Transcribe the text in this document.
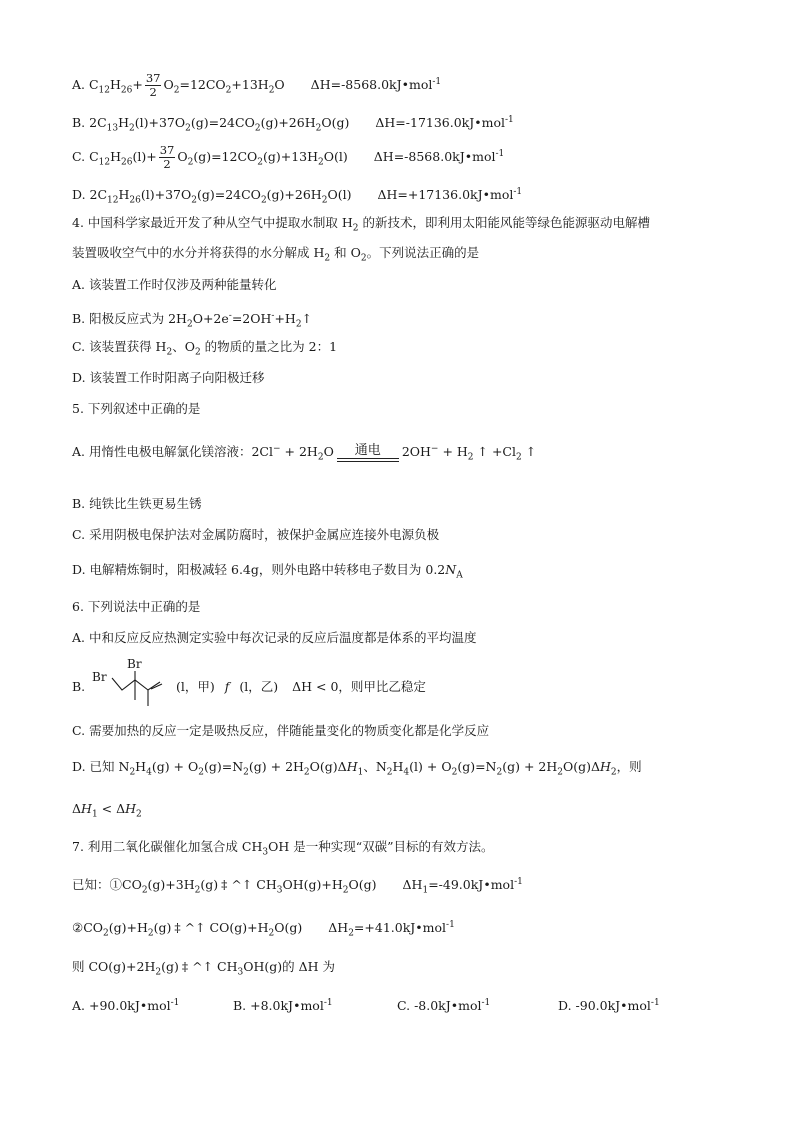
A. $C_{12}H_{26}+ \frac{37}{2} O_2=12CO_2+13H_2O$ ΔH=-8568.0kJ•mol$^{-1}$
B. $2C_{13}H_2(l)+37O_2(g)=24CO_2(g)+26H_2O(g)$ ΔH=-17136.0kJ•mol$^{-1}$
C. $C_{12}H_{26}(l)+ \frac{37}{2} O_2(g)=12CO_2(g)+13H_2O(l)$ ΔH=-8568.0kJ•mol$^{-1}$
D. $2C_{12}H_{26}(l)+37O_2(g)=24CO_2(g)+26H_2O(l)$ ΔH=+17136.0kJ•mol$^{-1}$
4. 中国科学家最近开发了种从空气中提取水制取 $H_2$ 的新技术，即利用太阳能风能等绿色能源驱动电解槽
装置吸收空气中的水分并将获得的水分解成 $H_2$ 和 $O_2$。下列说法正确的是
A. 该装置工作时仅涉及两种能量转化
B. 阳极反应式为 $2H_2O+2e^-=2OH^-+H_2↑$
C. 该装置获得 $H_2$、$O_2$ 的物质的量之比为 2：1
D. 该装置工作时阳离子向阳极迁移
5. 下列叙述中正确的是
A. 用惰性电极电解氯化镁溶液：$2Cl^- + 2H_2O$ 通电 $2OH^- + H_2$ ↑ $+Cl_2$ ↑
B. 纯铁比生铁更易生锈
C. 采用阴极电保护法对金属防腐时，被保护金属应连接外电源负极
D. 电解精炼铜时，阳极减轻 6.4g，则外电路中转移电子数目为 $0.2N_A$
6. 下列说法中正确的是
A. 中和反应反应热测定实验中每次记录的反应后温度都是体系的平均温度
B.
Br
Br
(l，甲) f (l，乙) ΔH < 0，则甲比乙稳定
C. 需要加热的反应一定是吸热反应，伴随能量变化的物质变化都是化学反应
D. 已知 $N_2H_4(g) + O_2(g)=N_2(g) + 2H_2O(g)\Delta H_1$、$N_2H_4(l) + O_2(g)=N_2(g) + 2H_2O(g)\Delta H_2$，则
$\Delta H_1 < \Delta H_2$
7. 利用二氧化碳催化加氢合成 $CH_3OH$ 是一种实现“双碳”目标的有效方法。
已知：$①CO_2(g)+3H_2(g)$ ‡ ^↑ $CH_3OH(g)+H_2O(g)$ $\Delta H_1=-49.0kJ•mol^{-1}$
$②CO_2(g)+H_2(g)$ ‡ ^↑ $CO(g)+H_2O(g)$ $\Delta H_2=+41.0kJ•mol^{-1}$
则 $CO(g)+2H_2(g)$ ‡ ^↑ $CH_3OH(g)$的 ΔH 为
A. +90.0kJ•mol$^{-1}$	B. +8.0kJ•mol$^{-1}$	C. -8.0kJ•mol$^{-1}$	D. -90.0kJ•mol$^{-1}$
